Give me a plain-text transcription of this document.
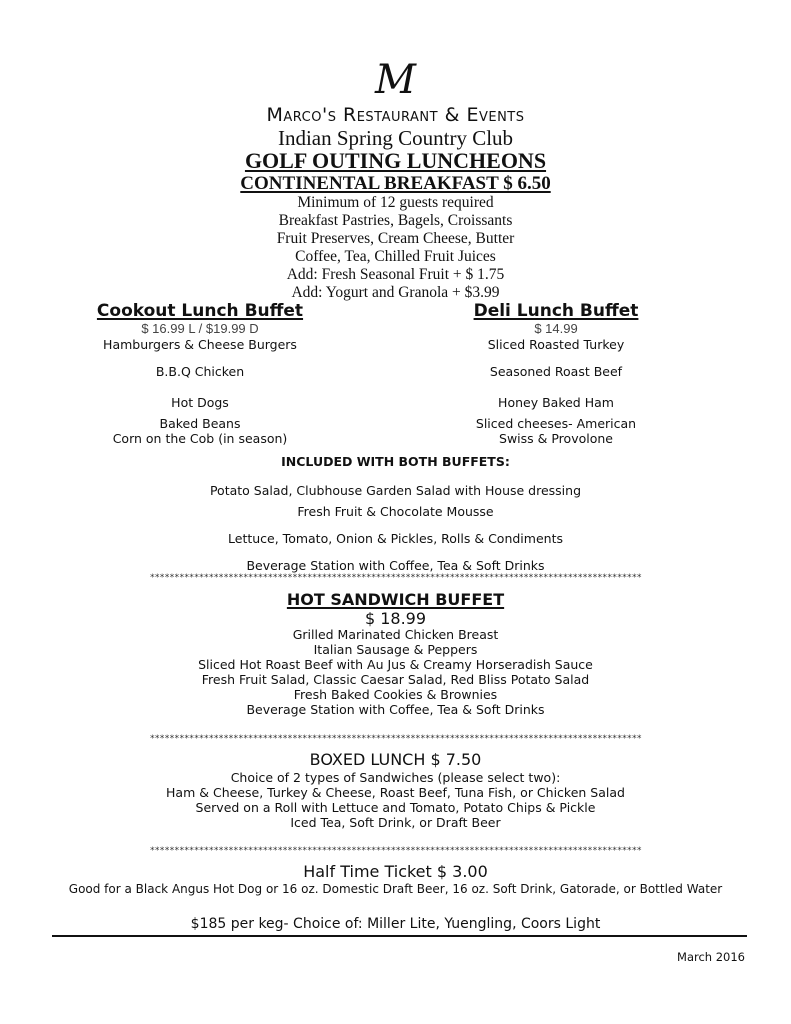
M
Marco's Restaurant & Events
Indian Spring Country Club
GOLF OUTING LUNCHEONS
CONTINENTAL BREAKFAST $ 6.50
Minimum of 12 guests required
Breakfast Pastries, Bagels, Croissants
Fruit Preserves, Cream Cheese, Butter
Coffee, Tea, Chilled Fruit Juices
Add: Fresh Seasonal Fruit + $ 1.75
Add: Yogurt and Granola + $3.99
Cookout Lunch Buffet
$ 16.99 L / $19.99 D
Hamburgers & Cheese Burgers
B.B.Q Chicken
Hot Dogs
Baked Beans
Corn on the Cob (in season)
Deli Lunch Buffet
$ 14.99
Sliced Roasted Turkey
Seasoned Roast Beef
Honey Baked Ham
Sliced cheeses- American
Swiss & Provolone
INCLUDED WITH BOTH BUFFETS:
Potato Salad, Clubhouse Garden Salad with House dressing
Fresh Fruit & Chocolate Mousse
Lettuce, Tomato, Onion & Pickles, Rolls & Condiments
Beverage Station with Coffee, Tea & Soft Drinks
****************************************************************************************************
HOT SANDWICH BUFFET
$ 18.99
Grilled Marinated Chicken Breast
Italian Sausage & Peppers
Sliced Hot Roast Beef with Au Jus & Creamy Horseradish Sauce
Fresh Fruit Salad, Classic Caesar Salad, Red Bliss Potato Salad
Fresh Baked Cookies & Brownies
Beverage Station with Coffee, Tea & Soft Drinks
****************************************************************************************************
BOXED LUNCH $ 7.50
Choice of 2 types of Sandwiches (please select two):
Ham & Cheese, Turkey & Cheese, Roast Beef, Tuna Fish, or Chicken Salad
Served on a Roll with Lettuce and Tomato, Potato Chips & Pickle
Iced Tea, Soft Drink, or Draft Beer
****************************************************************************************************
Half Time Ticket $ 3.00
Good for a Black Angus Hot Dog or 16 oz. Domestic Draft Beer, 16 oz. Soft Drink, Gatorade, or Bottled Water
$185 per keg- Choice of: Miller Lite, Yuengling, Coors Light
March 2016
